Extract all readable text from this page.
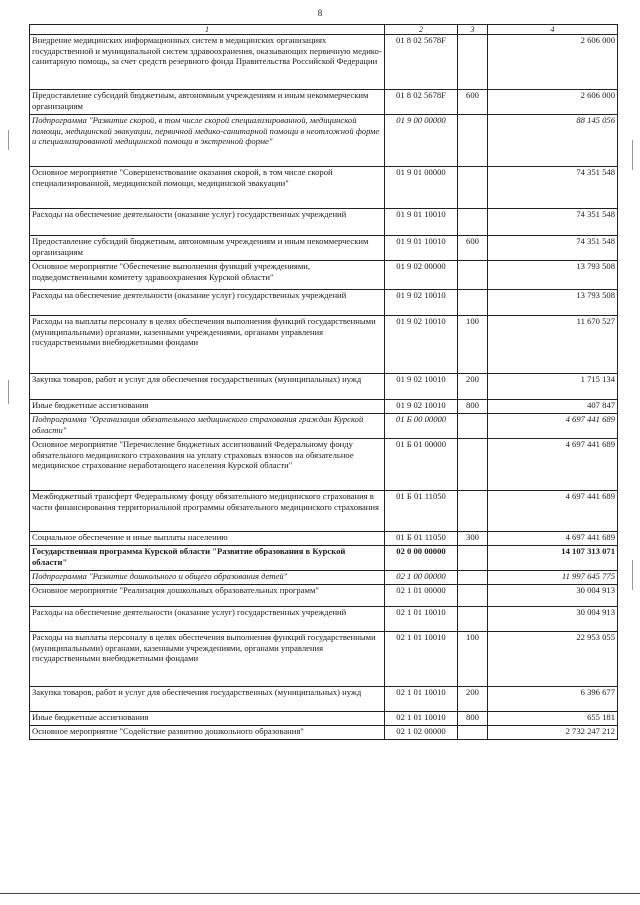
8
1	2	3	4
Внедрение медицинских информационных систем в медицинских организациях государственной и муниципальной систем здравоохранения, оказывающих первичную медико-санитарную помощь, за счет средств резервного фонда Правительства Российской Федерации	01 8 02 5678F		2 606 000
Предоставление субсидий бюджетным, автономным учреждениям и иным некоммерческим организациям	01 8 02 5678F	600	2 606 000
Подпрограмма "Развитие скорой, в том числе скорой специализированной, медицинской помощи, медицинской эвакуации, первичной медико-санитарной помощи в неотложной форме и специализированной медицинской помощи в экстренной форме"	01 9 00 00000		88 145 056
Основное мероприятие "Совершенствование оказания скорой, в том числе скорой специализированной, медицинской помощи, медицинской эвакуации"	01 9 01 00000		74 351 548
Расходы на обеспечение деятельности (оказание услуг) государственных учреждений	01 9 01 10010		74 351 548
Предоставление субсидий бюджетным, автономным учреждениям и иным некоммерческим организациям	01 9 01 10010	600	74 351 548
Основное мероприятие "Обеспечение выполнения функций учреждениями, подведомственными комитету здравоохранения Курской области"	01 9 02 00000		13 793 508
Расходы на обеспечение деятельности (оказание услуг) государственных учреждений	01 9 02 10010		13 793 508
Расходы на выплаты персоналу в целях обеспечения выполнения функций государственными (муниципальными) органами, казенными учреждениями, органами управления государственными внебюджетными фондами	01 9 02 10010	100	11 670 527
Закупка товаров, работ и услуг для обеспечения государственных (муниципальных) нужд	01 9 02 10010	200	1 715 134
Иные бюджетные ассигнования	01 9 02 10010	800	407 847
Подпрограмма "Организация обязательного медицинского страхования граждан Курской области"	01 Б 00 00000		4 697 441 689
Основное мероприятие "Перечисление бюджетных ассигнований Федеральному фонду обязательного медицинского страхования на уплату страховых взносов на обязательное медицинское страхование неработающего населения Курской области"	01 Б 01 00000		4 697 441 689
Межбюджетный трансферт Федеральному фонду обязательного медицинского страхования в части финансирования территориальной программы обязательного медицинского страхования	01 Б 01 11050		4 697 441 689
Социальное обеспечение и иные выплаты населению	01 Б 01 11050	300	4 697 441 689
Государственная программа Курской области "Развитие образования в Курской области"	02 0 00 00000		14 107 313 071
Подпрограмма "Развитие дошкольного и общего образования детей"	02 1 00 00000		11 997 645 775
Основное мероприятие "Реализация дошкольных образовательных программ"	02 1 01 00000		30 004 913
Расходы на обеспечение деятельности (оказание услуг) государственных учреждений	02 1 01 10010		30 004 913
Расходы на выплаты персоналу в целях обеспечения выполнения функций государственными (муниципальными) органами, казенными учреждениями, органами управления государственными внебюджетными фондами	02 1 01 10010	100	22 953 055
Закупка товаров, работ и услуг для обеспечения государственных (муниципальных) нужд	02 1 01 10010	200	6 396 677
Иные бюджетные ассигнования	02 1 01 10010	800	655 181
Основное мероприятие "Содействие развитию дошкольного образования"	02 1 02 00000		2 732 247 212
